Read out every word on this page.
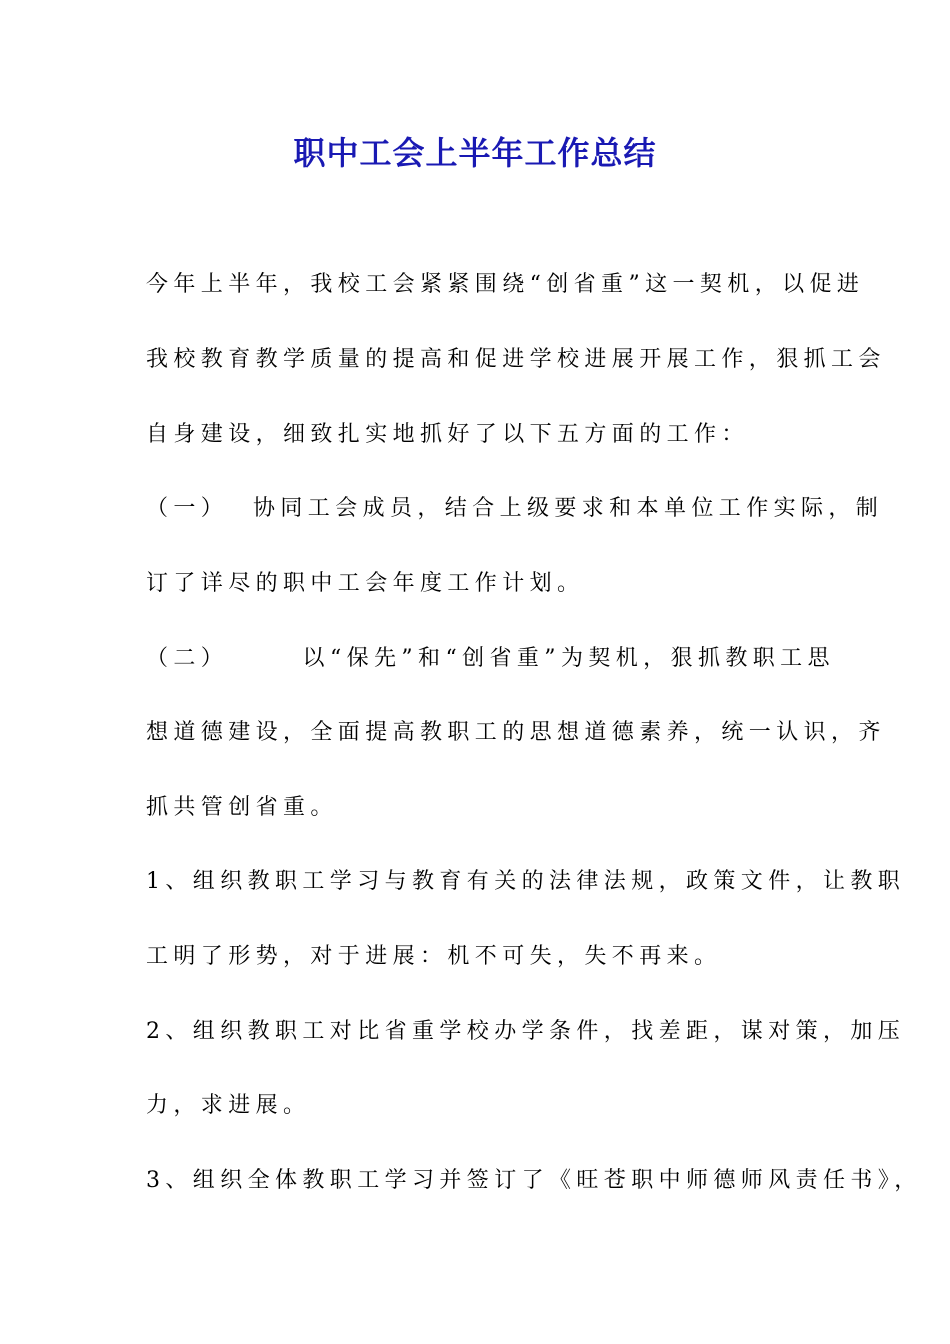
职中工会上半年工作总结

今年上半年，我校工会紧紧围绕“创省重”这一契机，以促进

我校教育教学质量的提高和促进学校进展开展工作，狠抓工会

自身建设，细致扎实地抓好了以下五方面的工作：

（一）  协同工会成员，结合上级要求和本单位工作实际，制

订了详尽的职中工会年度工作计划。

（二）      以“保先”和“创省重”为契机，狠抓教职工思

想道德建设，全面提高教职工的思想道德素养，统一认识，齐

抓共管创省重。

1、组织教职工学习与教育有关的法律法规，政策文件，让教职

工明了形势，对于进展：机不可失，失不再来。

2、组织教职工对比省重学校办学条件，找差距，谋对策，加压

力，求进展。

3、组织全体教职工学习并签订了《旺苍职中师德师风责任书》，
